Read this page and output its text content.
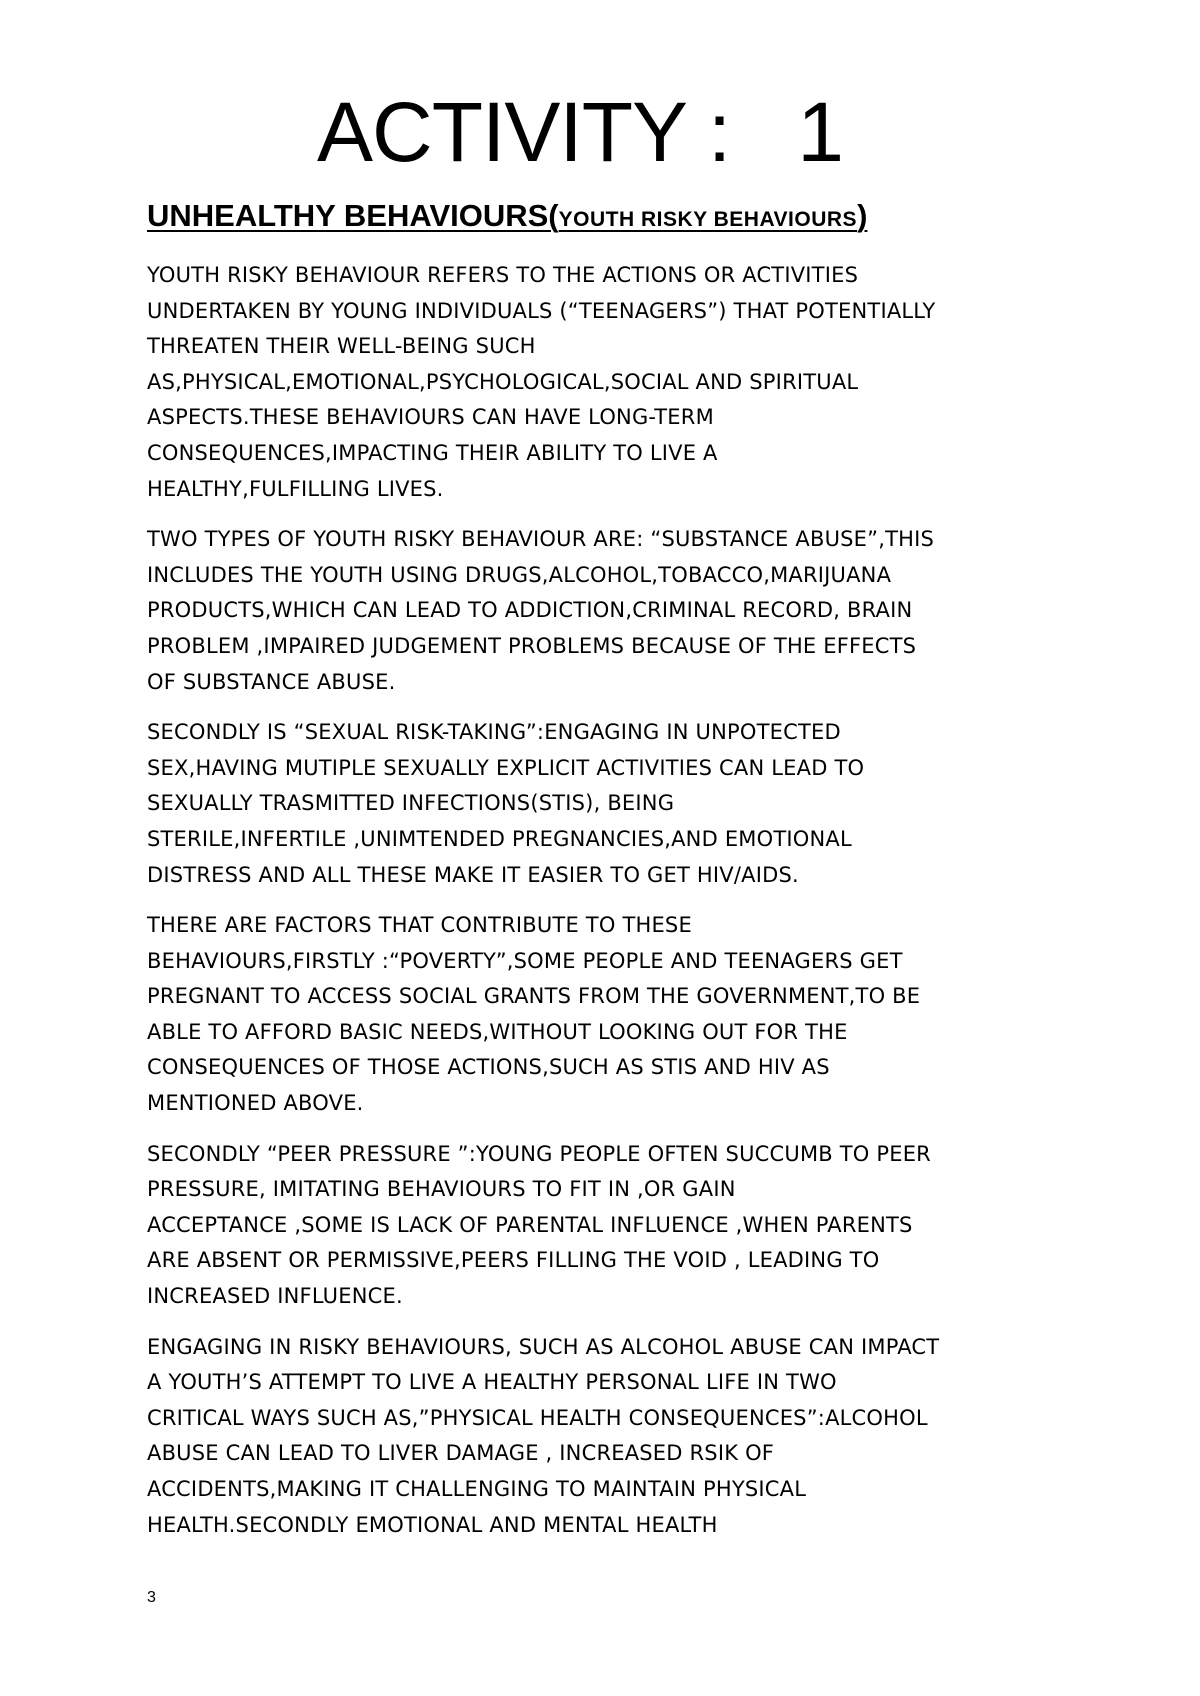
ACTIVITY :   1
UNHEALTHY BEHAVIOURS(YOUTH RISKY BEHAVIOURS)

YOUTH RISKY BEHAVIOUR REFERS TO THE ACTIONS OR ACTIVITIES
UNDERTAKEN BY YOUNG INDIVIDUALS (“TEENAGERS”) THAT POTENTIALLY
THREATEN THEIR WELL-BEING SUCH
AS,PHYSICAL,EMOTIONAL,PSYCHOLOGICAL,SOCIAL AND SPIRITUAL
ASPECTS.THESE BEHAVIOURS CAN HAVE LONG-TERM
CONSEQUENCES,IMPACTING THEIR ABILITY TO LIVE A
HEALTHY,FULFILLING LIVES.

TWO TYPES OF YOUTH RISKY BEHAVIOUR ARE: “SUBSTANCE ABUSE”,THIS
INCLUDES THE YOUTH USING DRUGS,ALCOHOL,TOBACCO,MARIJUANA
PRODUCTS,WHICH CAN LEAD TO ADDICTION,CRIMINAL RECORD, BRAIN
PROBLEM ,IMPAIRED JUDGEMENT PROBLEMS BECAUSE OF THE EFFECTS
OF SUBSTANCE ABUSE.

SECONDLY IS “SEXUAL RISK-TAKING”:ENGAGING IN UNPOTECTED
SEX,HAVING MUTIPLE SEXUALLY EXPLICIT ACTIVITIES CAN LEAD TO
SEXUALLY TRASMITTED INFECTIONS(STIS), BEING
STERILE,INFERTILE ,UNIMTENDED PREGNANCIES,AND EMOTIONAL
DISTRESS AND ALL THESE MAKE IT EASIER TO GET HIV/AIDS.

THERE ARE FACTORS THAT CONTRIBUTE TO THESE
BEHAVIOURS,FIRSTLY :“POVERTY”,SOME PEOPLE AND TEENAGERS GET
PREGNANT TO ACCESS SOCIAL GRANTS FROM THE GOVERNMENT,TO BE
ABLE TO AFFORD BASIC NEEDS,WITHOUT LOOKING OUT FOR THE
CONSEQUENCES OF THOSE ACTIONS,SUCH AS STIS AND HIV AS
MENTIONED ABOVE.

SECONDLY “PEER PRESSURE ”:YOUNG PEOPLE OFTEN SUCCUMB TO PEER
PRESSURE, IMITATING BEHAVIOURS TO FIT IN ,OR GAIN
ACCEPTANCE ,SOME IS LACK OF PARENTAL INFLUENCE ,WHEN PARENTS
ARE ABSENT OR PERMISSIVE,PEERS FILLING THE VOID , LEADING TO
INCREASED INFLUENCE.

ENGAGING IN RISKY BEHAVIOURS, SUCH AS ALCOHOL ABUSE CAN IMPACT
A YOUTH’S ATTEMPT TO LIVE A HEALTHY PERSONAL LIFE IN TWO
CRITICAL WAYS SUCH AS,”PHYSICAL HEALTH CONSEQUENCES”:ALCOHOL
ABUSE CAN LEAD TO LIVER DAMAGE , INCREASED RSIK OF
ACCIDENTS,MAKING IT CHALLENGING TO MAINTAIN PHYSICAL
HEALTH.SECONDLY EMOTIONAL AND MENTAL HEALTH

3
